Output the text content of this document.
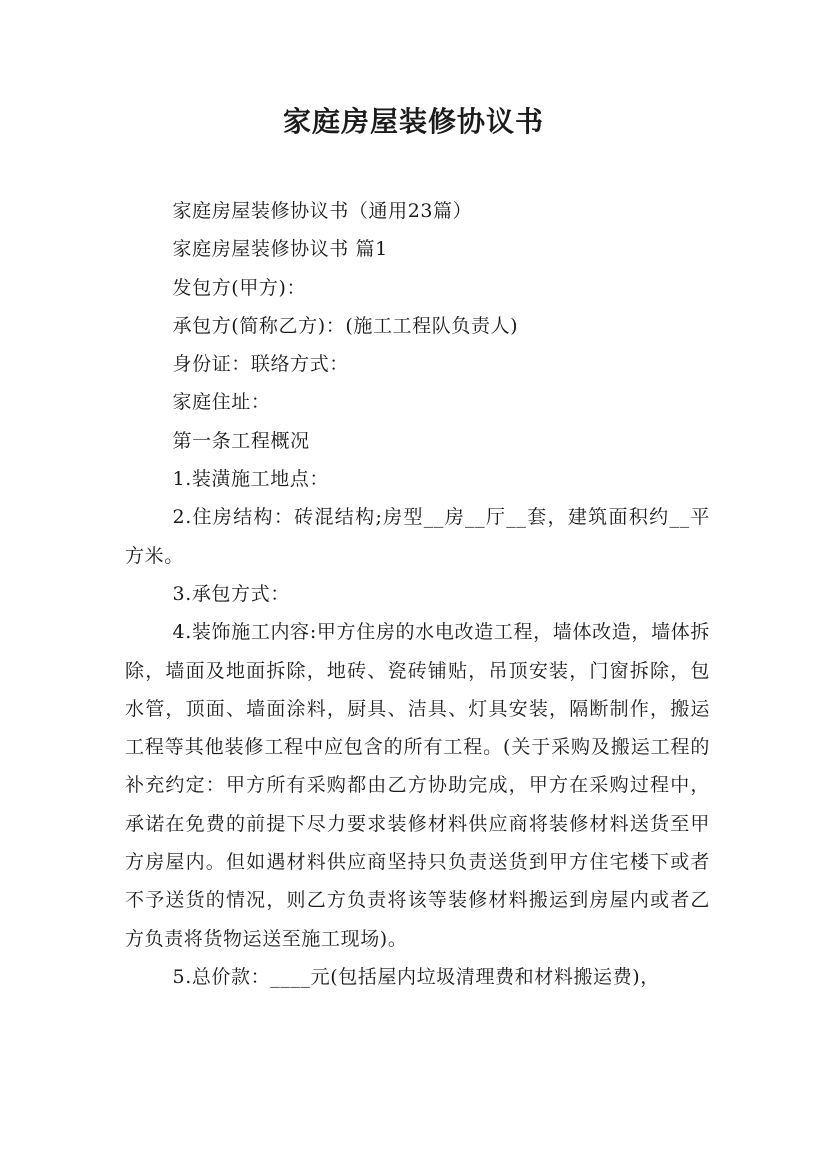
家庭房屋装修协议书

家庭房屋装修协议书（通用23篇）

家庭房屋装修协议书 篇1

发包方(甲方)：

承包方(简称乙方)：(施工工程队负责人)

身份证：联络方式：

家庭住址：

第一条工程概况

1.装潢施工地点：

2.住房结构：砖混结构;房型__房__厅__套，建筑面积约__平方米。

3.承包方式：

4.装饰施工内容:甲方住房的水电改造工程，墙体改造，墙体拆除，墙面及地面拆除，地砖、瓷砖铺贴，吊顶安装，门窗拆除，包水管，顶面、墙面涂料，厨具、洁具、灯具安装，隔断制作，搬运工程等其他装修工程中应包含的所有工程。(关于采购及搬运工程的补充约定：甲方所有采购都由乙方协助完成，甲方在采购过程中，承诺在免费的前提下尽力要求装修材料供应商将装修材料送货至甲方房屋内。但如遇材料供应商坚持只负责送货到甲方住宅楼下或者不予送货的情况，则乙方负责将该等装修材料搬运到房屋内或者乙方负责将货物运送至施工现场)。

5.总价款：____元(包括屋内垃圾清理费和材料搬运费)，
